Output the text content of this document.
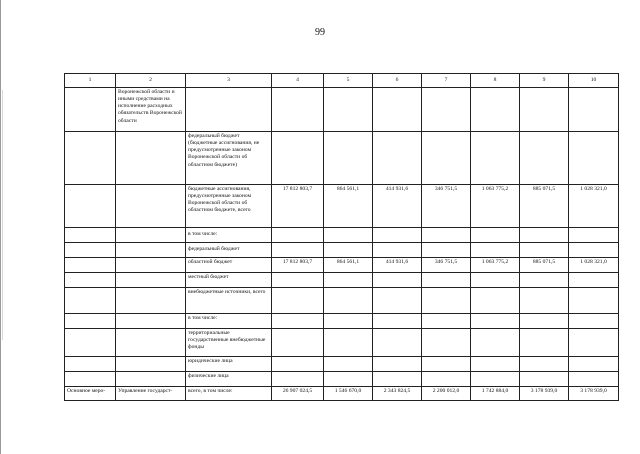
99
1	2	3	4	5	6	7	8	9	10
	Воронежской области и иными средствами на исполнение расходных обязательств Воронежской области								
		федеральный бюджет (бюджетные ассигнования, не предусмотренные законом Воронежской области об областном бюджете)							
		бюджетные ассигнования, предусмотренные законом Воронежской области об областном бюджете, всего	17 812 803,7	864 561,1	414 931,6	346 751,5	1 063 775,2	885 071,5	1 028 321,0
		в том числе:							
		федеральный бюджет							
		областной бюджет	17 812 803,7	864 561,1	414 931,6	346 751,5	1 063 775,2	885 071,5	1 028 321,0
		местный бюджет							
		внебюджетные источники, всего							
		в том числе:							
		территориальные государственные внебюджетные фонды							
		юридические лица							
		физические лица							
Основное меро-	Управление государст-	всего, в том числе:	26 907 024,5	1 546 670,0	2 343 824,5	2 200 012,0	1 742 884,0	3 178 939,0	3 178 939,0
